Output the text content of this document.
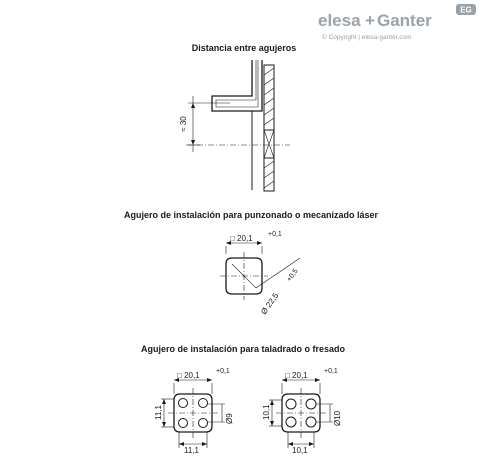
elesa + Ganter
© Copyright | elesa-ganter.com
EG
Distancia entre agujeros
≈ 30
Agujero de instalación para punzonado o mecanizado láser
□ 20,1 +0,1
Ø 22,5
+0,5
Agujero de instalación para taladrado o fresado
□ 20,1 +0,1
11,1
11,1
Ø9
□ 20,1 +0,1
10,1
10,1
Ø10
